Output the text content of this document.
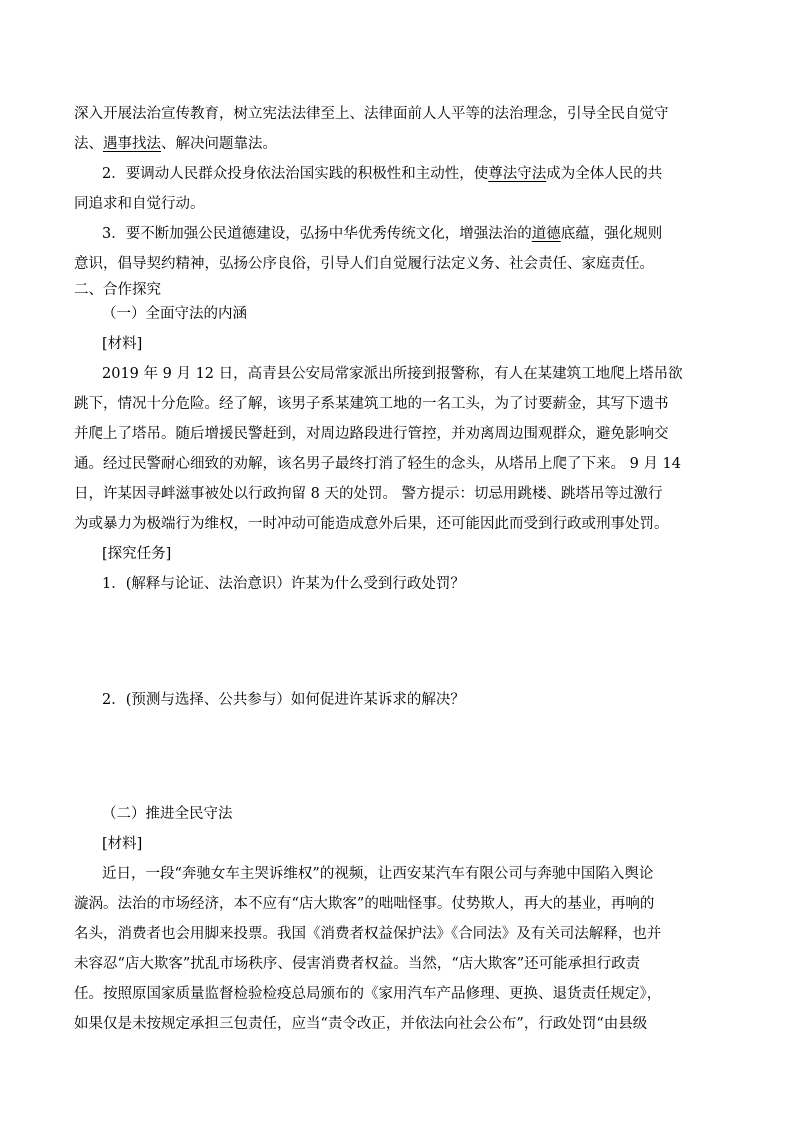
深入开展法治宣传教育，树立宪法法律至上、法律面前人人平等的法治理念，引导全民自觉守
法、遇事找法、解决问题靠法。
2．要调动人民群众投身依法治国实践的积极性和主动性，使尊法守法成为全体人民的共
同追求和自觉行动。
3．要不断加强公民道德建设，弘扬中华优秀传统文化，增强法治的道德底蕴，强化规则
意识，倡导契约精神，弘扬公序良俗，引导人们自觉履行法定义务、社会责任、家庭责任。
二、合作探究
（一）全面守法的内涵
[材料]
2019 年 9 月 12 日，高青县公安局常家派出所接到报警称，有人在某建筑工地爬上塔吊欲
跳下，情况十分危险。经了解，该男子系某建筑工地的一名工头，为了讨要薪金，其写下遗书
并爬上了塔吊。随后增援民警赶到，对周边路段进行管控，并劝离周边围观群众，避免影响交
通。经过民警耐心细致的劝解，该名男子最终打消了轻生的念头，从塔吊上爬了下来。 9 月 14
日，许某因寻衅滋事被处以行政拘留 8 天的处罚。 警方提示：切忌用跳楼、跳塔吊等过激行
为或暴力为极端行为维权，一时冲动可能造成意外后果，还可能因此而受到行政或刑事处罚。
[探究任务]
1．(解释与论证、法治意识）许某为什么受到行政处罚？
2．(预测与选择、公共参与）如何促进许某诉求的解决？
（二）推进全民守法
[材料]
近日，一段“奔驰女车主哭诉维权”的视频，让西安某汽车有限公司与奔驰中国陷入舆论
漩涡。法治的市场经济，本不应有“店大欺客”的咄咄怪事。仗势欺人，再大的基业，再响的
名头，消费者也会用脚来投票。我国《消费者权益保护法》《合同法》及有关司法解释，也并
未容忍“店大欺客”扰乱市场秩序、侵害消费者权益。当然，“店大欺客”还可能承担行政责
任。按照原国家质量监督检验检疫总局颁布的《家用汽车产品修理、更换、退货责任规定》，
如果仅是未按规定承担三包责任，应当“责令改正，并依法向社会公布”，行政处罚“由县级
